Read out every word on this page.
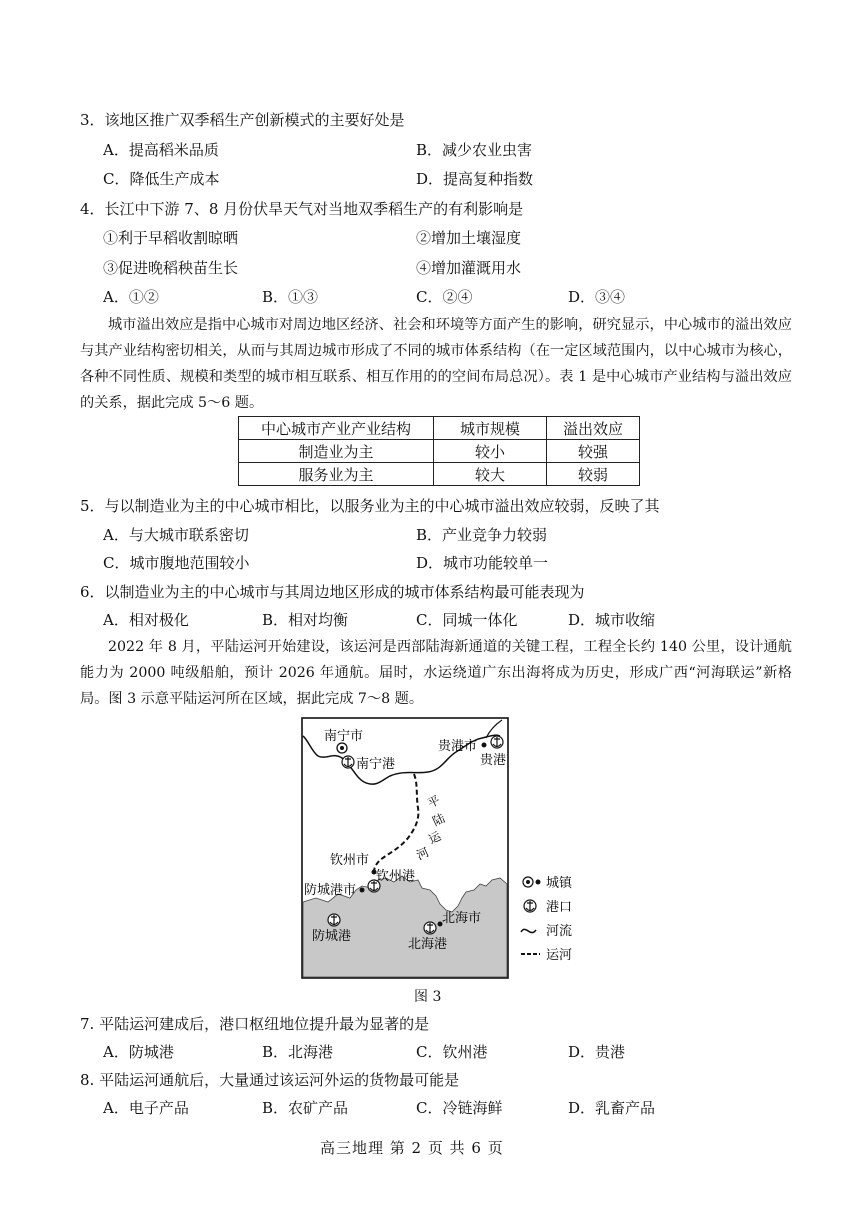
3．该地区推广双季稻生产创新模式的主要好处是
A．提高稻米品质	B．减少农业虫害
C．降低生产成本	D．提高复种指数
4．长江中下游 7、8 月份伏旱天气对当地双季稻生产的有利影响是
①利于早稻收割晾晒	②增加土壤湿度
③促进晚稻秧苗生长	④增加灌溉用水
A．①②	B．①③	C．②④	D．③④
城市溢出效应是指中心城市对周边地区经济、社会和环境等方面产生的影响，研究显示，中心城市的溢出效应与其产业结构密切相关，从而与其周边城市形成了不同的城市体系结构（在一定区域范围内，以中心城市为核心，各种不同性质、规模和类型的城市相互联系、相互作用的的空间布局总况）。表 1 是中心城市产业结构与溢出效应的关系，据此完成 5～6 题。
中心城市产业产业结构	城市规模	溢出效应
制造业为主	较小	较强
服务业为主	较大	较弱
5．与以制造业为主的中心城市相比，以服务业为主的中心城市溢出效应较弱，反映了其
A．与大城市联系密切	B．产业竞争力较弱
C．城市腹地范围较小	D．城市功能较单一
6．以制造业为主的中心城市与其周边地区形成的城市体系结构最可能表现为
A．相对极化	B．相对均衡	C．同城一体化	D．城市收缩
2022 年 8 月，平陆运河开始建设，该运河是西部陆海新通道的关键工程，工程全长约 140 公里，设计通航能力为 2000 吨级船舶，预计 2026 年通航。届时，水运绕道广东出海将成为历史，形成广西“河海联运”新格局。图 3 示意平陆运河所在区域，据此完成 7～8 题。
南宁市
南宁港
贵港市
贵港
钦州市
钦州港
防城港市
防城港
北海市
北海港
平
陆
运
河
城镇
港口
河流
运河
图 3
7. 平陆运河建成后，港口枢纽地位提升最为显著的是
A．防城港	B．北海港	C．钦州港	D．贵港
8. 平陆运河通航后，大量通过该运河外运的货物最可能是
A．电子产品	B．农矿产品	C．冷链海鲜	D．乳畜产品
高三地理 第 2 页 共 6 页
